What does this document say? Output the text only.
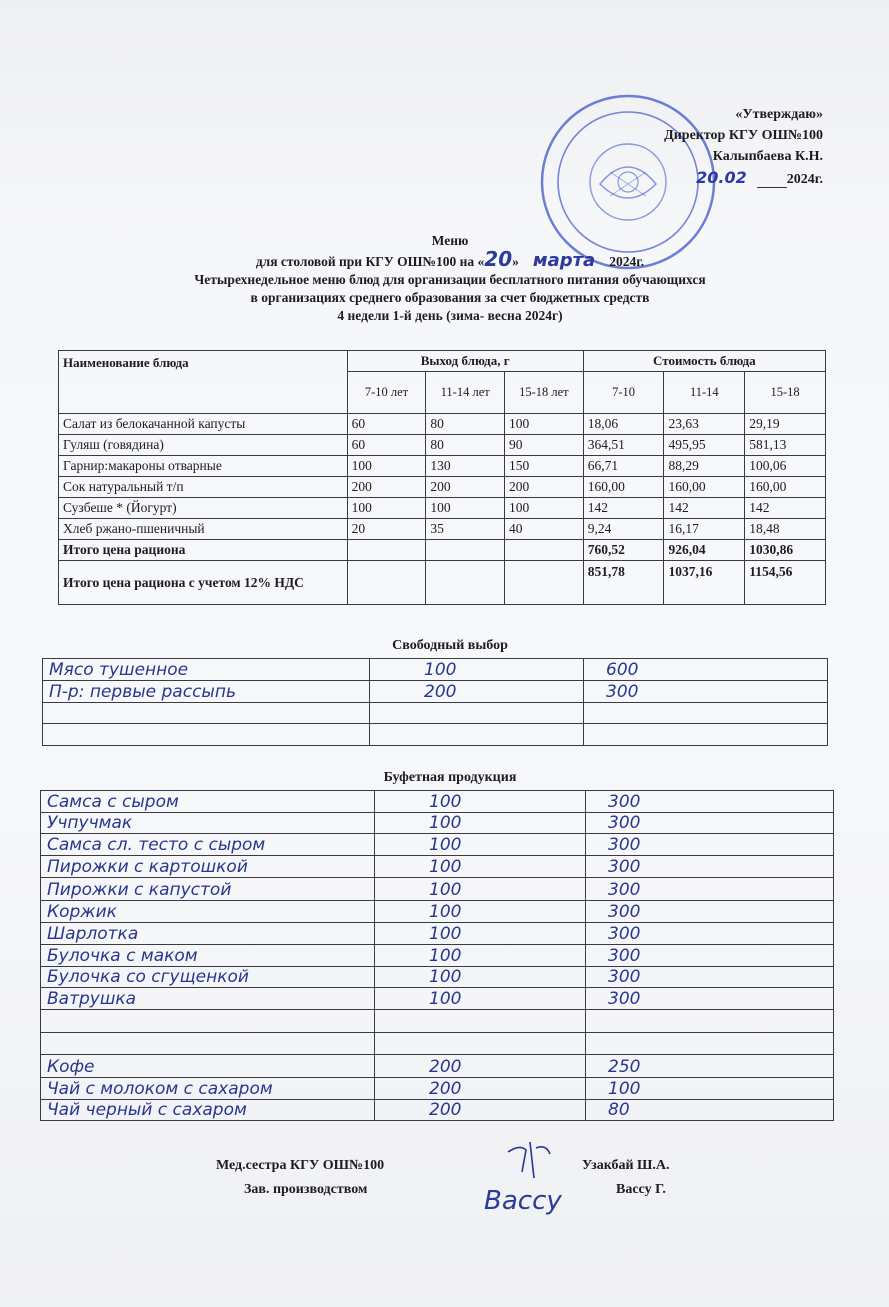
«Утверждаю»
Директор КГУ ОШ№100
Калыпбаева К.Н.
20.02	2024г.
Меню
для столовой при КГУ ОШ№100 на «20» марта 2024г.
Четырехнедельное меню блюд для организации бесплатного питания обучающихся
в организациях среднего образования за счет бюджетных средств
4 недели 1-й день (зима- весна 2024г)
Наименование блюда	Выход блюда, г			Стоимость блюда		
	7-10 лет	11-14 лет	15-18 лет	7-10	11-14	15-18
Салат из белокачанной капусты	60	80	100	18,06	23,63	29,19
Гуляш (говядина)	60	80	90	364,51	495,95	581,13
Гарнир:макароны отварные	100	130	150	66,71	88,29	100,06
Сок натуральный т/п	200	200	200	160,00	160,00	160,00
Сузбеше * (Йогурт)	100	100	100	142	142	142
Хлеб ржано-пшеничный	20	35	40	9,24	16,17	18,48
Итого цена рациона				760,52	926,04	1030,86
Итого цена рациона с учетом 12% НДС				851,78	1037,16	1154,56
Свободный выбор
Мясо тушенное	100	600
П-р: первые рассыпь	200	300
Буфетная продукция
Самса с сыром	100	300
Учпучмак	100	300
Самса сл. тесто с сыром	100	300
Пирожки с картошкой	100	300
Пирожки с капустой	100	300
Коржик	100	300
Шарлотка	100	300
Булочка с маком	100	300
Булочка со сгущенкой	100	300
Ватрушка	100	300
Кофе	200	250
Чай с молоком с сахаром	200	100
Чай черный с сахаром	200	80
Мед.сестра КГУ ОШ№100	Узакбай Ш.А.
Зав. производством	Вассу Г.
Вассу
